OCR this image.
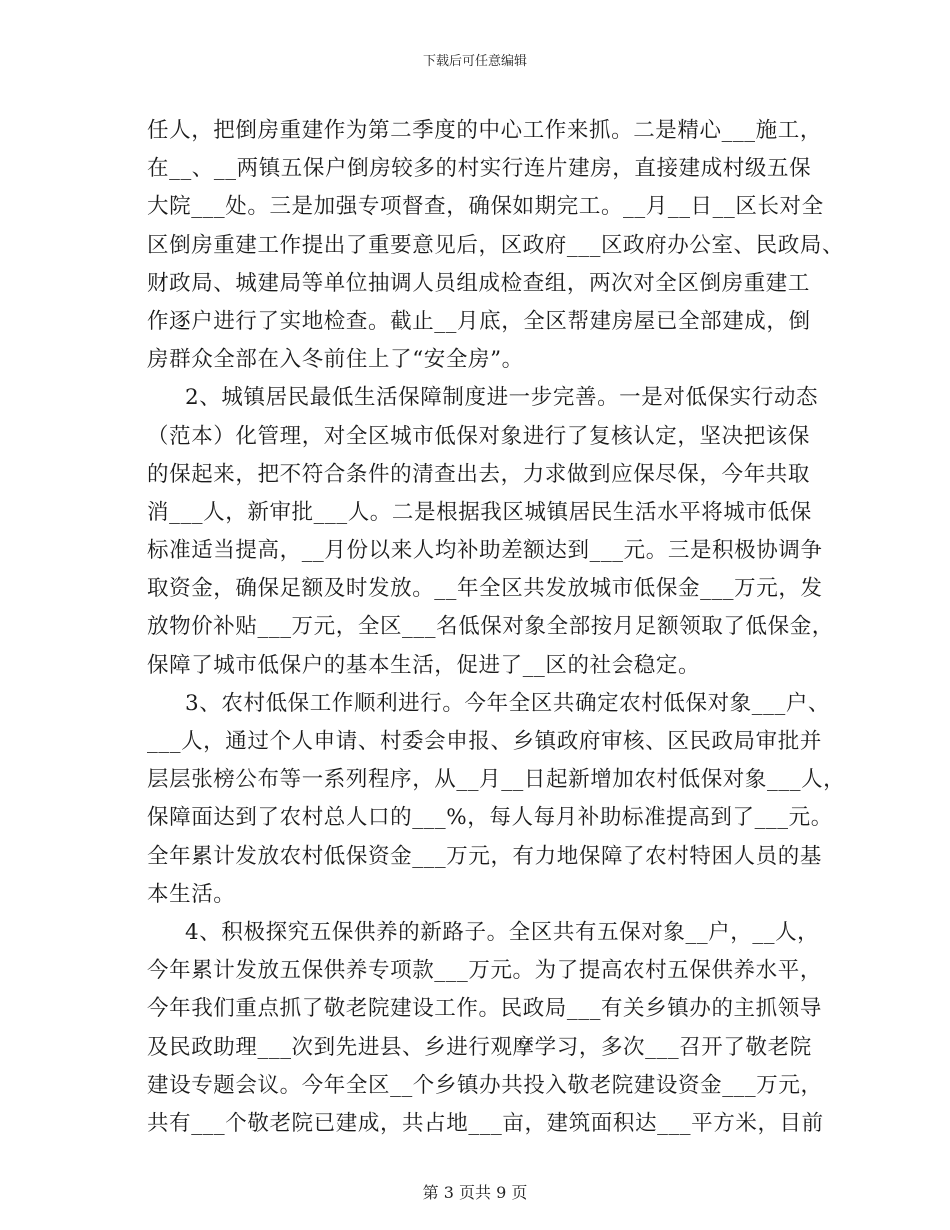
下载后可任意编辑
任人，把倒房重建作为第二季度的中心工作来抓。二是精心___施工，
在__、__两镇五保户倒房较多的村实行连片建房，直接建成村级五保
大院___处。三是加强专项督查，确保如期完工。__月__日__区长对全
区倒房重建工作提出了重要意见后，区政府___区政府办公室、民政局、
财政局、城建局等单位抽调人员组成检查组，两次对全区倒房重建工
作逐户进行了实地检查。截止__月底，全区帮建房屋已全部建成，倒
房群众全部在入冬前住上了“安全房”。
2、城镇居民最低生活保障制度进一步完善。一是对低保实行动态
（范本）化管理，对全区城市低保对象进行了复核认定，坚决把该保
的保起来，把不符合条件的清查出去，力求做到应保尽保，今年共取
消___人，新审批___人。二是根据我区城镇居民生活水平将城市低保
标准适当提高，__月份以来人均补助差额达到___元。三是积极协调争
取资金，确保足额及时发放。__年全区共发放城市低保金___万元，发
放物价补贴___万元，全区___名低保对象全部按月足额领取了低保金，
保障了城市低保户的基本生活，促进了__区的社会稳定。
3、农村低保工作顺利进行。今年全区共确定农村低保对象___户、
___人，通过个人申请、村委会申报、乡镇政府审核、区民政局审批并
层层张榜公布等一系列程序，从__月__日起新增加农村低保对象___人，
保障面达到了农村总人口的___%，每人每月补助标准提高到了___元。
全年累计发放农村低保资金___万元，有力地保障了农村特困人员的基
本生活。
4、积极探究五保供养的新路子。全区共有五保对象__户，__人，
今年累计发放五保供养专项款___万元。为了提高农村五保供养水平，
今年我们重点抓了敬老院建设工作。民政局___有关乡镇办的主抓领导
及民政助理___次到先进县、乡进行观摩学习，多次___召开了敬老院
建设专题会议。今年全区__个乡镇办共投入敬老院建设资金___万元，
共有___个敬老院已建成，共占地___亩，建筑面积达___平方米，目前
第 3 页共 9 页
